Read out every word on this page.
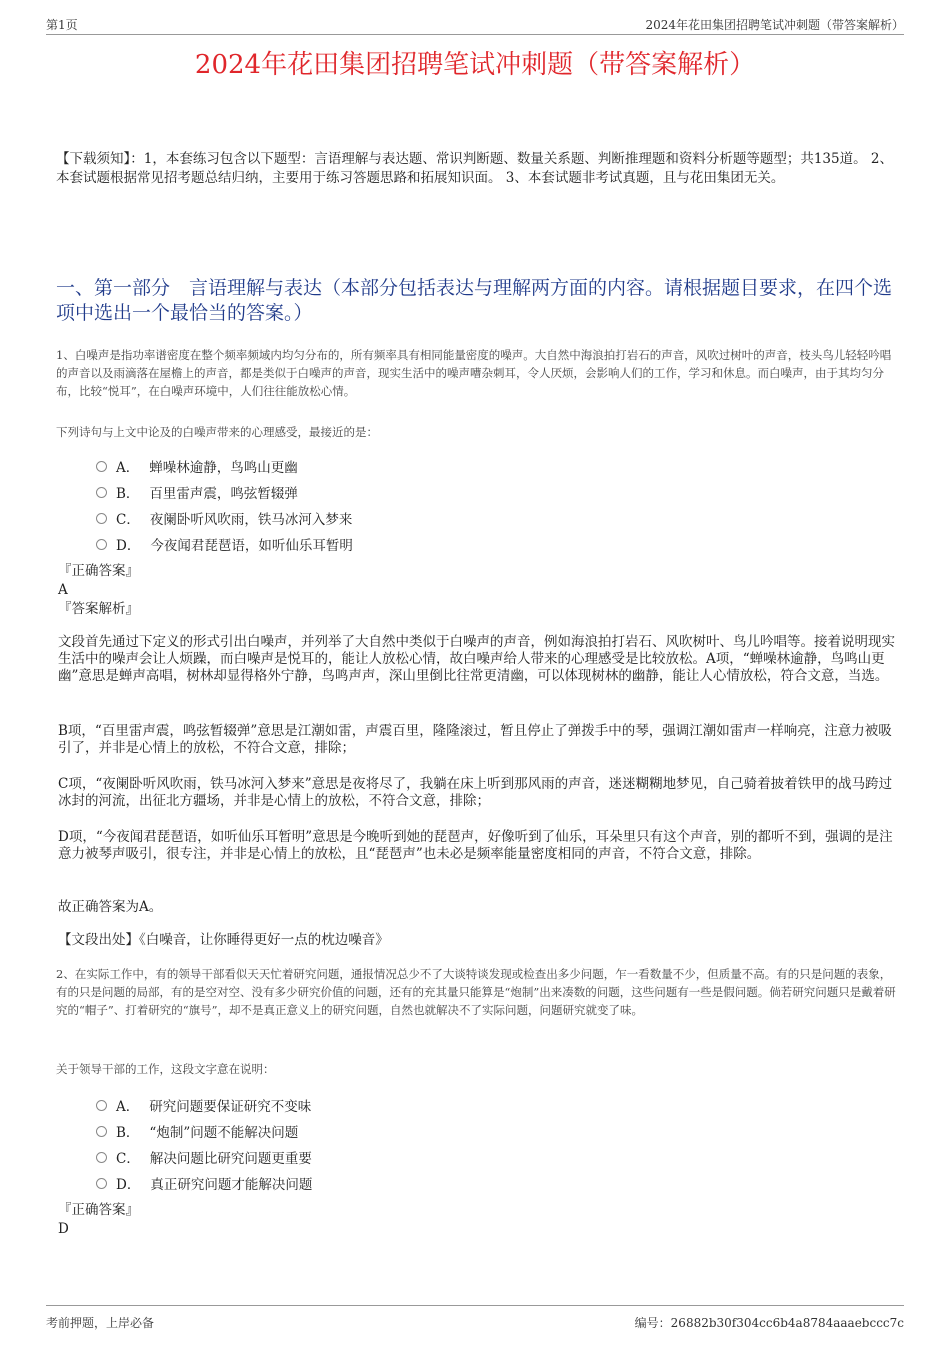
第1页	2024年花田集团招聘笔试冲刺题（带答案解析）
2024年花田集团招聘笔试冲刺题（带答案解析）
【下载须知】：1，本套练习包含以下题型：言语理解与表达题、常识判断题、数量关系题、判断推理题和资料分析题等题型；共135道。 2、本套试题根据常见招考题总结归纳，主要用于练习答题思路和拓展知识面。 3、本套试题非考试真题，且与花田集团无关。
一、第一部分　言语理解与表达（本部分包括表达与理解两方面的内容。请根据题目要求，在四个选项中选出一个最恰当的答案。）
1、白噪声是指功率谱密度在整个频率频域内均匀分布的，所有频率具有相同能量密度的噪声。大自然中海浪拍打岩石的声音，风吹过树叶的声音，枝头鸟儿轻轻吟唱的声音以及雨滴落在屋檐上的声音，都是类似于白噪声的声音，现实生活中的噪声嘈杂刺耳，令人厌烦，会影响人们的工作，学习和休息。而白噪声，由于其均匀分布，比较“悦耳”，在白噪声环境中，人们往往能放松心情。
下列诗句与上文中论及的白噪声带来的心理感受，最接近的是：
A． 蝉噪林逾静，鸟鸣山更幽
B． 百里雷声震，鸣弦暂辍弹
C． 夜阑卧听风吹雨，铁马冰河入梦来
D． 今夜闻君琵琶语，如听仙乐耳暂明
『正确答案』
A
『答案解析』
文段首先通过下定义的形式引出白噪声，并列举了大自然中类似于白噪声的声音，例如海浪拍打岩石、风吹树叶、鸟儿吟唱等。接着说明现实生活中的噪声会让人烦躁，而白噪声是悦耳的，能让人放松心情，故白噪声给人带来的心理感受是比较放松。A项，“蝉噪林逾静，鸟鸣山更幽”意思是蝉声高唱，树林却显得格外宁静，鸟鸣声声，深山里倒比往常更清幽，可以体现树林的幽静，能让人心情放松，符合文意，当选。
B项，“百里雷声震，鸣弦暂辍弹”意思是江潮如雷，声震百里，隆隆滚过，暂且停止了弹拨手中的琴，强调江潮如雷声一样响亮，注意力被吸引了，并非是心情上的放松，不符合文意，排除；
C项，“夜阑卧听风吹雨，铁马冰河入梦来”意思是夜将尽了，我躺在床上听到那风雨的声音，迷迷糊糊地梦见，自己骑着披着铁甲的战马跨过冰封的河流，出征北方疆场，并非是心情上的放松，不符合文意，排除；
D项，“今夜闻君琵琶语，如听仙乐耳暂明”意思是今晚听到她的琵琶声，好像听到了仙乐，耳朵里只有这个声音，别的都听不到，强调的是注意力被琴声吸引，很专注，并非是心情上的放松，且“琵琶声”也未必是频率能量密度相同的声音，不符合文意，排除。
故正确答案为A。
【文段出处】《白噪音，让你睡得更好一点的枕边噪音》
2、在实际工作中，有的领导干部看似天天忙着研究问题，通报情况总少不了大谈特谈发现或检查出多少问题，乍一看数量不少，但质量不高。有的只是问题的表象，有的只是问题的局部，有的是空对空、没有多少研究价值的问题，还有的充其量只能算是“炮制”出来凑数的问题，这些问题有一些是假问题。倘若研究问题只是戴着研究的“帽子”、打着研究的“旗号”，却不是真正意义上的研究问题，自然也就解决不了实际问题，问题研究就变了味。
关于领导干部的工作，这段文字意在说明：
A． 研究问题要保证研究不变味
B． “炮制”问题不能解决问题
C． 解决问题比研究问题更重要
D． 真正研究问题才能解决问题
『正确答案』
D
考前押题，上岸必备	编号：26882b30f304cc6b4a8784aaaebccc7c
